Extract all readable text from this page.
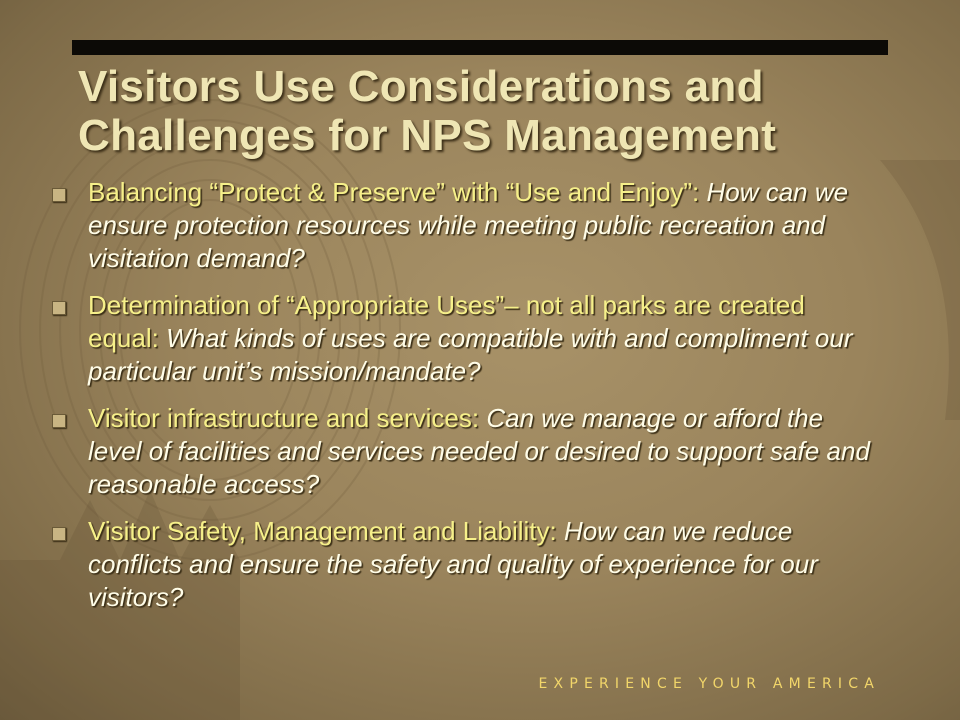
Visitors Use Considerations and
Challenges for NPS Management
Balancing “Protect & Preserve” with “Use and Enjoy”: How can we ensure protection resources while meeting public recreation and visitation demand?
Determination of “Appropriate Uses”– not all parks are created equal: What kinds of uses are compatible with and compliment our particular unit’s mission/mandate?
Visitor infrastructure and services: Can we manage or afford the level of facilities and services needed or desired to support safe and reasonable access?
Visitor Safety, Management and Liability: How can we reduce conflicts and ensure the safety and quality of experience for our visitors?
EXPERIENCE YOUR AMERICA
